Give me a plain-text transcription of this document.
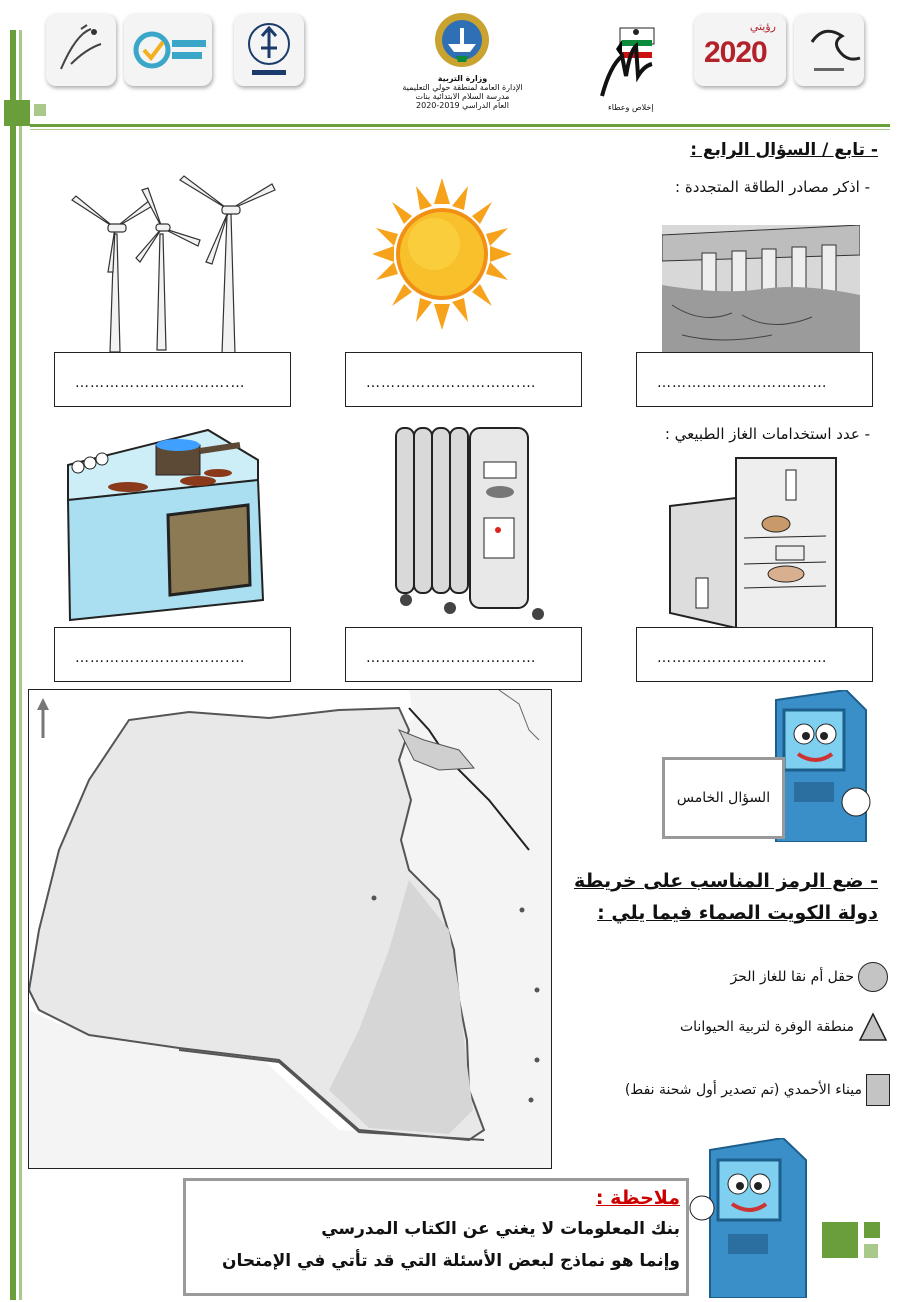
وزارة التربية
الإدارة العامة لمنطقة حولي التعليمية
مدرسة السلام الابتدائية بنات
العام الدراسي 2019-2020	إخلاص وعطاء
رؤيتي
2020
- تابع / السؤال الرابع :
- اذكر مصادر الطاقة المتجددة :
………………………….…	………………………….…	………………………….…
- عدد استخدامات الغاز الطبيعي :
………………………….…	………………………….…	………………………….…
السؤال الخامس
- ضع الرمز المناسب على خريطة
دولة الكويت الصماء فيما يلي :
حقل أم نقا للغاز الحرَ
منطقة الوفرة لتربية الحيوانات
ميناء الأحمدي (تم تصدير أول شحنة نفط)
ملاحظة :
بنك المعلومات لا يغني عن الكتاب المدرسي
وإنما هو نماذج لبعض الأسئلة التي قد تأتي في الإمتحان
